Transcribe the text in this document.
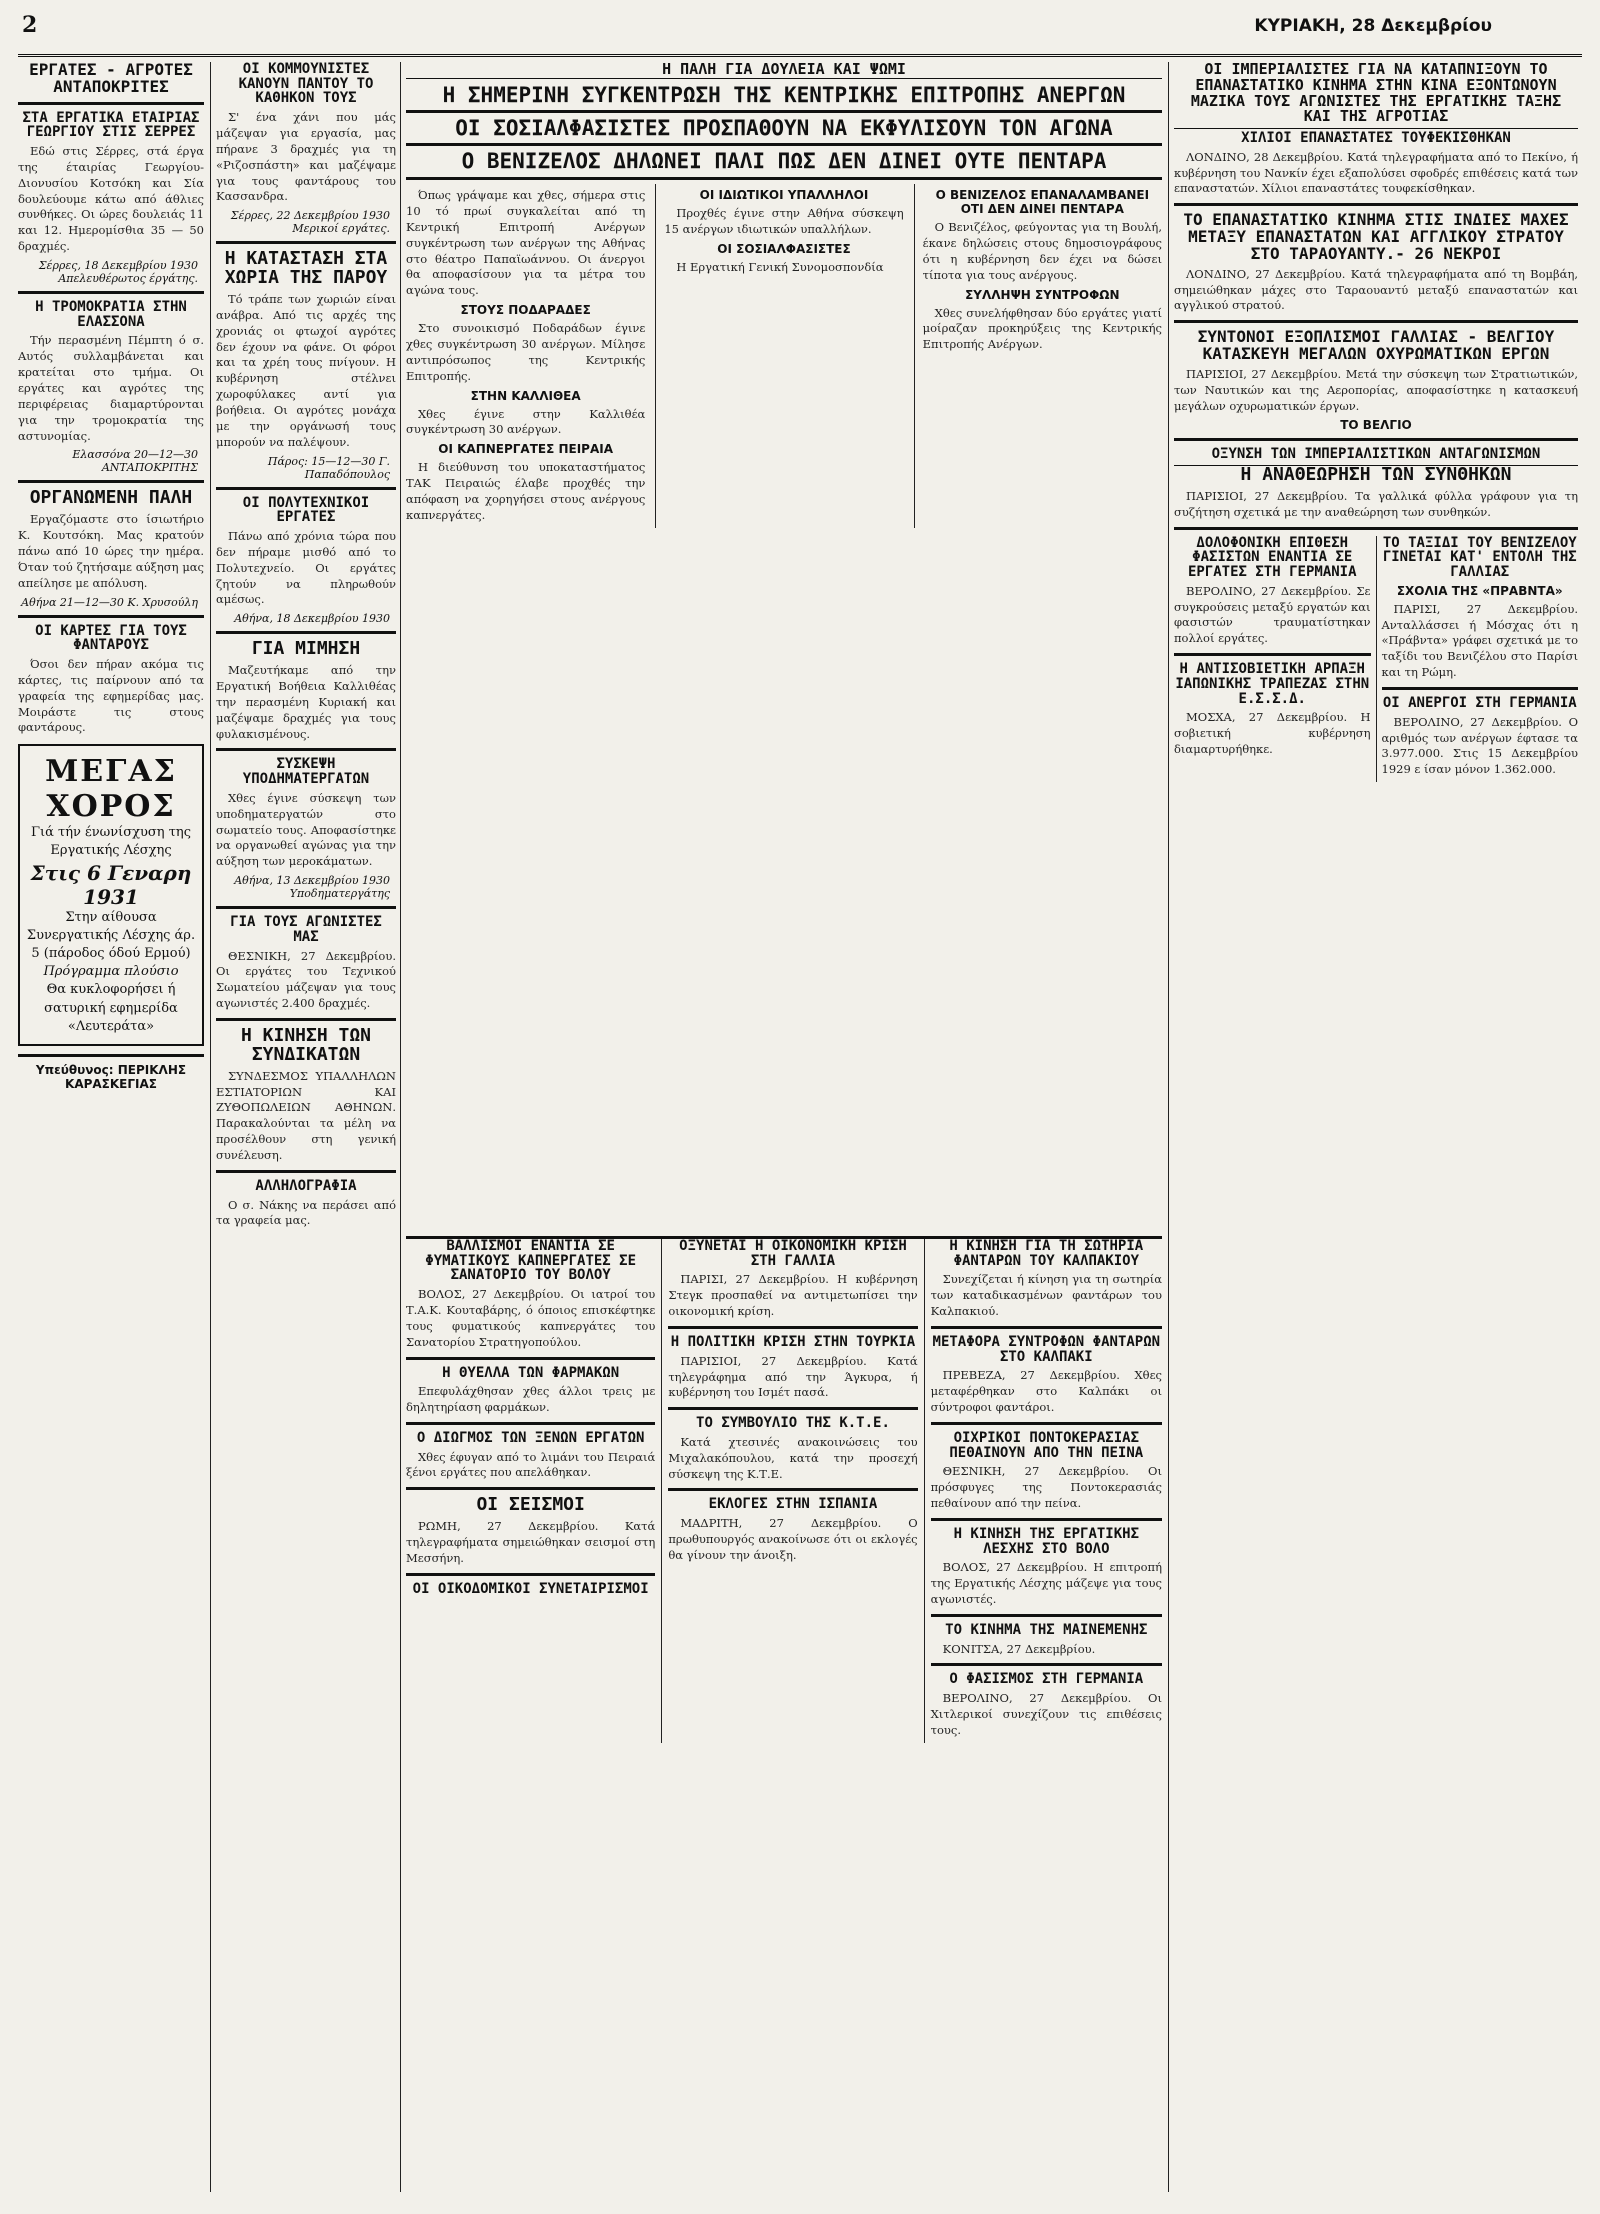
2	ΚΥΡΙΑΚΗ, 28 Δεκεμβρίου
ΕΡΓΑΤΕΣ - ΑΓΡΟΤΕΣ ΑΝΤΑΠΟΚΡΙΤΕΣ
ΣΤΑ ΕΡΓΑΤΙΚΑ ΕΤΑΙΡΙΑΣ ΓΕΩΡΓΙΟΥ ΣΤΙΣ ΣΕΡΡΕΣ

Εδώ στις Σέρρες, στά έργα της έταιρίας Γεωργίου-Διονυσίου Κοτσόκη και Σία δουλεύουμε κάτω από άθλιες συνθήκες. Οι ώρες δουλειάς 11 και 12. Ημερομίσθια 35 — 50 δραχμές.

Σέρρες, 18 Δεκεμβρίου 1930 Απελευθέρωτος έργάτης.

Η ΤΡΟΜΟΚΡΑΤΙΑ ΣΤΗΝ ΕΛΑΣΣΟΝΑ

Τήν περασμένη Πέμπτη ό σ. Αυτός συλλαμβάνεται και κρατείται στο τμήμα. Οι εργάτες και αγρότες της περιφέρειας διαμαρτύρονται για την τρομοκρατία της αστυνομίας.

Ελασσόνα 20—12—30 ΑΝΤΑΠΟΚΡΙΤΗΣ

ΟΡΓΑΝΩΜΕΝΗ ΠΑΛΗ

Εργαζόμαστε στο ίσιωτήριο Κ. Κουτσόκη. Μας κρατούν πάνω από 10 ώρες την ημέρα. Όταν τού ζητήσαμε αύξηση μας απείλησε με απόλυση.

Αθήνα 21—12—30 Κ. Χρυσούλη

ΟΙ ΚΑΡΤΕΣ ΓΙΑ ΤΟΥΣ ΦΑΝΤΑΡΟΥΣ

Όσοι δεν πήραν ακόμα τις κάρτες, τις παίρνουν από τα γραφεία της εφημερίδας μας. Μοιράστε τις στους φαντάρους.

ΜΕΓΑΣ ΧΟΡΟΣ
Γιά τήν ένωνίσχυση της Εργατικής Λέσχης
Στις 6 Γεναρη 1931
Στην αίθουσα Συνεργατικής Λέσχης άρ. 5 (πάροδος όδού Ερμού)
Πρόγραμμα πλούσιο
Θα κυκλοφορήσει ή σατυρική εφημερίδα «Λευτεράτα»
Υπεύθυνος: ΠΕΡΙΚΛΗΣ ΚΑΡΑΣΚΕΓΙΑΣ
ΟΙ ΚΟΜΜΟΥΝΙΣΤΕΣ ΚΑΝΟΥΝ ΠΑΝΤΟΥ ΤΟ ΚΑΘΗΚΟΝ ΤΟΥΣ

Σ' ένα χάνι που μάς μάζεψαν για εργασία, μας πήρανε 3 δραχμές για τη «Ριζοσπάστη» και μαζέψαμε για τους φαντάρους του Κασσανδρα.

Σέρρες, 22 Δεκεμβρίου 1930 Μερικοί εργάτες.

Η ΚΑΤΑΣΤΑΣΗ ΣΤΑ ΧΩΡΙΑ ΤΗΣ ΠΑΡΟΥ

Τό τράπε των χωριών είναι ανάβρα. Από τις αρχές της χρονιάς οι φτωχοί αγρότες δεν έχουν να φάνε. Οι φόροι και τα χρέη τους πνίγουν. Η κυβέρνηση στέλνει χωροφύλακες αντί για βοήθεια. Οι αγρότες μονάχα με την οργάνωσή τους μπορούν να παλέψουν.

Πάρος: 15—12—30 Γ. Παπαδόπουλος

ΟΙ ΠΟΛΥΤΕΧΝΙΚΟΙ ΕΡΓΑΤΕΣ

Πάνω από χρόνια τώρα που δεν πήραμε μισθό από το Πολυτεχνείο. Οι εργάτες ζητούν να πληρωθούν αμέσως.

Αθήνα, 18 Δεκεμβρίου 1930

ΓΙΑ ΜΙΜΗΣΗ

Μαζευτήκαμε από την Εργατική Βοήθεια Καλλιθέας την περασμένη Κυριακή και μαζέψαμε δραχμές για τους φυλακισμένους.

ΣΥΣΚΕΨΗ ΥΠΟΔΗΜΑΤΕΡΓΑΤΩΝ

Χθες έγινε σύσκεψη των υποδηματεργατών στο σωματείο τους. Αποφασίστηκε να οργανωθεί αγώνας για την αύξηση των μεροκάματων.

Αθήνα, 13 Δεκεμβρίου 1930 Υποδηματεργάτης

ΓΙΑ ΤΟΥΣ ΑΓΩΝΙΣΤΕΣ ΜΑΣ

ΘΕΣΝΙΚΗ, 27 Δεκεμβρίου. Οι εργάτες του Τεχνικού Σωματείου μάζεψαν για τους αγωνιστές 2.400 δραχμές.

Η ΚΙΝΗΣΗ ΤΩΝ ΣΥΝΔΙΚΑΤΩΝ

ΣΥΝΔΕΣΜΟΣ ΥΠΑΛΛΗΛΩΝ ΕΣΤΙΑΤΟΡΙΩΝ ΚΑΙ ΖΥΘΟΠΩΛΕΙΩΝ ΑΘΗΝΩΝ. Παρακαλούνται τα μέλη να προσέλθουν στη γενική συνέλευση.

ΑΛΛΗΛΟΓΡΑΦΙΑ

Ο σ. Νάκης να περάσει από τα γραφεία μας.

Η ΠΑΛΗ ΓΙΑ ΔΟΥΛΕΙΑ ΚΑΙ ΨΩΜΙ
Η ΣΗΜΕΡΙΝΗ ΣΥΓΚΕΝΤΡΩΣΗ ΤΗΣ ΚΕΝΤΡΙΚΗΣ ΕΠΙΤΡΟΠΗΣ ΑΝΕΡΓΩΝ
ΟΙ ΣΟΣΙΑΛΦΑΣΙΣΤΕΣ ΠΡΟΣΠΑΘΟΥΝ ΝΑ ΕΚΦΥΛΙΣΟΥΝ ΤΟΝ ΑΓΩΝΑ
Ο ΒΕΝΙΖΕΛΟΣ ΔΗΛΩΝΕΙ ΠΑΛΙ ΠΩΣ ΔΕΝ ΔΙΝΕΙ ΟΥΤΕ ΠΕΝΤΑΡΑ

Όπως γράψαμε και χθες, σήμερα στις 10 τό πρωί συγκαλείται από τη Κεντρική Επιτροπή Ανέργων συγκέντρωση των ανέργων της Αθήνας στο θέατρο Παπαϊωάννου. Οι άνεργοι θα αποφασίσουν για τα μέτρα του αγώνα τους.

ΣΤΟΥΣ ΠΟΔΑΡΑΔΕΣ

Στο συνοικισμό Ποδαράδων έγινε χθες συγκέντρωση 30 ανέργων. Μίλησε αντιπρόσωπος της Κεντρικής Επιτροπής.

ΣΤΗΝ ΚΑΛΛΙΘΕΑ

Χθες έγινε στην Καλλιθέα συγκέντρωση 30 ανέργων.

ΟΙ ΚΑΠΝΕΡΓΑΤΕΣ ΠΕΙΡΑΙΑ

Η διεύθυνση του υποκαταστήματος ΤΑΚ Πειραιώς έλαβε προχθές την απόφαση να χορηγήσει στους ανέργους καπνεργάτες.

ΟΙ ΙΔΙΩΤΙΚΟΙ ΥΠΑΛΛΗΛΟΙ

Προχθές έγινε στην Αθήνα σύσκεψη 15 ανέργων ιδιωτικών υπαλλήλων.

ΟΙ ΣΟΣΙΑΛΦΑΣΙΣΤΕΣ

Η Εργατική Γενική Συνομοσπονδία

Ο ΒΕΝΙΖΕΛΟΣ ΕΠΑΝΑΛΑΜΒΑΝΕΙ ΟΤΙ ΔΕΝ ΔΙΝΕΙ ΠΕΝΤΑΡΑ

Ο Βενιζέλος, φεύγοντας για τη Βουλή, έκανε δηλώσεις στους δημοσιογράφους ότι η κυβέρνηση δεν έχει να δώσει τίποτα για τους ανέργους.

ΣΥΛΛΗΨΗ ΣΥΝΤΡΟΦΩΝ

Χθες συνελήφθησαν δύο εργάτες γιατί μοίραζαν προκηρύξεις της Κεντρικής Επιτροπής Ανέργων.

ΒΑΛΛΙΣΜΟΙ ΕΝΑΝΤΙΑ ΣΕ ΦΥΜΑΤΙΚΟΥΣ ΚΑΠΝΕΡΓΑΤΕΣ ΣΕ ΣΑΝΑΤΟΡΙΟ ΤΟΥ ΒΟΛΟΥ

ΒΟΛΟΣ, 27 Δεκεμβρίου. Οι ιατροί του Τ.Α.Κ. Κουταβάρης, ό όποιος επισκέφτηκε τους φυματικούς καπνεργάτες του Σανατορίου Στρατηγοπούλου.

Η ΘΥΕΛΛΑ ΤΩΝ ΦΑΡΜΑΚΩΝ

Επεφυλάχθησαν χθες άλλοι τρεις με δηλητηρίαση φαρμάκων.

Ο ΔΙΩΓΜΟΣ ΤΩΝ ΞΕΝΩΝ ΕΡΓΑΤΩΝ

Χθες έφυγαν από το λιμάνι του Πειραιά ξένοι εργάτες που απελάθηκαν.

ΟΙ ΣΕΙΣΜΟΙ

ΡΩΜΗ, 27 Δεκεμβρίου. Κατά τηλεγραφήματα σημειώθηκαν σεισμοί στη Μεσσήνη.

ΟΙ ΟΙΚΟΔΟΜΙΚΟΙ ΣΥΝΕΤΑΙΡΙΣΜΟΙ
ΟΞΥΝΕΤΑΙ Η ΟΙΚΟΝΟΜΙΚΗ ΚΡΙΣΗ ΣΤΗ ΓΑΛΛΙΑ

ΠΑΡΙΣΙ, 27 Δεκεμβρίου. Η κυβέρνηση Στεγκ προσπαθεί να αντιμετωπίσει την οικονομική κρίση.

Η ΠΟΛΙΤΙΚΗ ΚΡΙΣΗ ΣΤΗΝ ΤΟΥΡΚΙΑ

ΠΑΡΙΣΙΟΙ, 27 Δεκεμβρίου. Κατά τηλεγράφημα από την Άγκυρα, ή κυβέρνηση του Ισμέτ πασά.

ΤΟ ΣΥΜΒΟΥΛΙΟ ΤΗΣ Κ.Τ.Ε.

Κατά χτεσινές ανακοινώσεις του Μιχαλακόπουλου, κατά την προσεχή σύσκεψη της Κ.Τ.Ε.

ΕΚΛΟΓΕΣ ΣΤΗΝ ΙΣΠΑΝΙΑ

ΜΑΔΡΙΤΗ, 27 Δεκεμβρίου. Ο πρωθυπουργός ανακοίνωσε ότι οι εκλογές θα γίνουν την άνοιξη.

Η ΚΙΝΗΣΗ ΓΙΑ ΤΗ ΣΩΤΗΡΙΑ ΦΑΝΤΑΡΩΝ ΤΟΥ ΚΑΛΠΑΚΙΟΥ

Συνεχίζεται ή κίνηση για τη σωτηρία των καταδικασμένων φαντάρων του Καλπακιού.

ΜΕΤΑΦΟΡΑ ΣΥΝΤΡΟΦΩΝ ΦΑΝΤΑΡΩΝ ΣΤΟ ΚΑΛΠΑΚΙ

ΠΡΕΒΕΖΑ, 27 Δεκεμβρίου. Χθες μεταφέρθηκαν στο Καλπάκι οι σύντροφοι φαντάροι.

ΟΙΧΡΙΚΟΙ ΠΟΝΤΟΚΕΡΑΣΙΑΣ ΠΕΘΑΙΝΟΥΝ ΑΠΟ ΤΗΝ ΠΕΙΝΑ

ΘΕΣΝΙΚΗ, 27 Δεκεμβρίου. Οι πρόσφυγες της Ποντοκερασιάς πεθαίνουν από την πείνα.

Η ΚΙΝΗΣΗ ΤΗΣ ΕΡΓΑΤΙΚΗΣ ΛΕΣΧΗΣ ΣΤΟ ΒΟΛΟ

ΒΟΛΟΣ, 27 Δεκεμβρίου. Η επιτροπή της Εργατικής Λέσχης μάζεψε για τους αγωνιστές.

ΤΟ ΚΙΝΗΜΑ ΤΗΣ ΜΑΙΝΕΜΕΝΗΣ

ΚΟΝΙΤΣΑ, 27 Δεκεμβρίου.

Ο ΦΑΣΙΣΜΟΣ ΣΤΗ ΓΕΡΜΑΝΙΑ

ΒΕΡΟΛΙΝΟ, 27 Δεκεμβρίου. Οι Χιτλερικοί συνεχίζουν τις επιθέσεις τους.

ΟΙ ΙΜΠΕΡΙΑΛΙΣΤΕΣ ΓΙΑ ΝΑ ΚΑΤΑΠΝΙΞΟΥΝ ΤΟ ΕΠΑΝΑΣΤΑΤΙΚΟ ΚΙΝΗΜΑ ΣΤΗΝ ΚΙΝΑ ΕΞΟΝΤΩΝΟΥΝ ΜΑΖΙΚΑ ΤΟΥΣ ΑΓΩΝΙΣΤΕΣ ΤΗΣ ΕΡΓΑΤΙΚΗΣ ΤΑΞΗΣ ΚΑΙ ΤΗΣ ΑΓΡΟΤΙΑΣ
ΧΙΛΙΟΙ ΕΠΑΝΑΣΤΑΤΕΣ ΤΟΥΦΕΚΙΣΘΗΚΑΝ

ΛΟΝΔΙΝΟ, 28 Δεκεμβρίου. Κατά τηλεγραφήματα από το Πεκίνο, ή κυβέρνηση του Νανκίν έχει εξαπολύσει σφοδρές επιθέσεις κατά των επαναστατών. Χίλιοι επαναστάτες τουφεκίσθηκαν.

ΤΟ ΕΠΑΝΑΣΤΑΤΙΚΟ ΚΙΝΗΜΑ ΣΤΙΣ ΙΝΔΙΕΣ ΜΑΧΕΣ ΜΕΤΑΞΥ ΕΠΑΝΑΣΤΑΤΩΝ ΚΑΙ ΑΓΓΛΙΚΟΥ ΣΤΡΑΤΟΥ ΣΤΟ ΤΑΡΑΟΥΑΝΤΥ.- 26 ΝΕΚΡΟΙ

ΛΟΝΔΙΝΟ, 27 Δεκεμβρίου. Κατά τηλεγραφήματα από τη Βομβάη, σημειώθηκαν μάχες στο Ταραουαντύ μεταξύ επαναστατών και αγγλικού στρατού.

ΣΥΝΤΟΝΟΙ ΕΞΟΠΛΙΣΜΟΙ ΓΑΛΛΙΑΣ - ΒΕΛΓΙΟΥ ΚΑΤΑΣΚΕΥΗ ΜΕΓΑΛΩΝ ΟΧΥΡΩΜΑΤΙΚΩΝ ΕΡΓΩΝ

ΠΑΡΙΣΙΟΙ, 27 Δεκεμβρίου. Μετά την σύσκεψη των Στρατιωτικών, των Ναυτικών και της Αεροπορίας, αποφασίστηκε η κατασκευή μεγάλων οχυρωματικών έργων.

ΤΟ ΒΕΛΓΙΟ
ΟΞΥΝΣΗ ΤΩΝ ΙΜΠΕΡΙΑΛΙΣΤΙΚΩΝ ΑΝΤΑΓΩΝΙΣΜΩΝ
Η ΑΝΑΘΕΩΡΗΣΗ ΤΩΝ ΣΥΝΘΗΚΩΝ

ΠΑΡΙΣΙΟΙ, 27 Δεκεμβρίου. Τα γαλλικά φύλλα γράφουν για τη συζήτηση σχετικά με την αναθεώρηση των συνθηκών.

ΔΟΛΟΦΟΝΙΚΗ ΕΠΙΘΕΣΗ ΦΑΣΙΣΤΩΝ ΕΝΑΝΤΙΑ ΣΕ ΕΡΓΑΤΕΣ ΣΤΗ ΓΕΡΜΑΝΙΑ

ΒΕΡΟΛΙΝΟ, 27 Δεκεμβρίου. Σε συγκρούσεις μεταξύ εργατών και φασιστών τραυματίστηκαν πολλοί εργάτες.

Η ΑΝΤΙΣΟΒΙΕΤΙΚΗ ΑΡΠΑΞΗ ΙΑΠΩΝΙΚΗΣ ΤΡΑΠΕΖΑΣ ΣΤΗΝ Ε.Σ.Σ.Δ.

ΜΟΣΧΑ, 27 Δεκεμβρίου. Η σοβιετική κυβέρνηση διαμαρτυρήθηκε.

ΤΟ ΤΑΞΙΔΙ ΤΟΥ ΒΕΝΙΖΕΛΟΥ ΓΙΝΕΤΑΙ ΚΑΤ' ΕΝΤΟΛΗ ΤΗΣ ΓΑΛΛΙΑΣ
ΣΧΟΛΙΑ ΤΗΣ «ΠΡΑΒΝΤΑ»

ΠΑΡΙΣΙ, 27 Δεκεμβρίου. Ανταλλάσσει ή Μόσχας ότι η «Πράβντα» γράφει σχετικά με το ταξίδι του Βενιζέλου στο Παρίσι και τη Ρώμη.

ΟΙ ΑΝΕΡΓΟΙ ΣΤΗ ΓΕΡΜΑΝΙΑ

ΒΕΡΟΛΙΝΟ, 27 Δεκεμβρίου. Ο αριθμός των ανέργων έφτασε τα 3.977.000. Στις 15 Δεκεμβρίου 1929 ε ίσαν μόνον 1.362.000.
